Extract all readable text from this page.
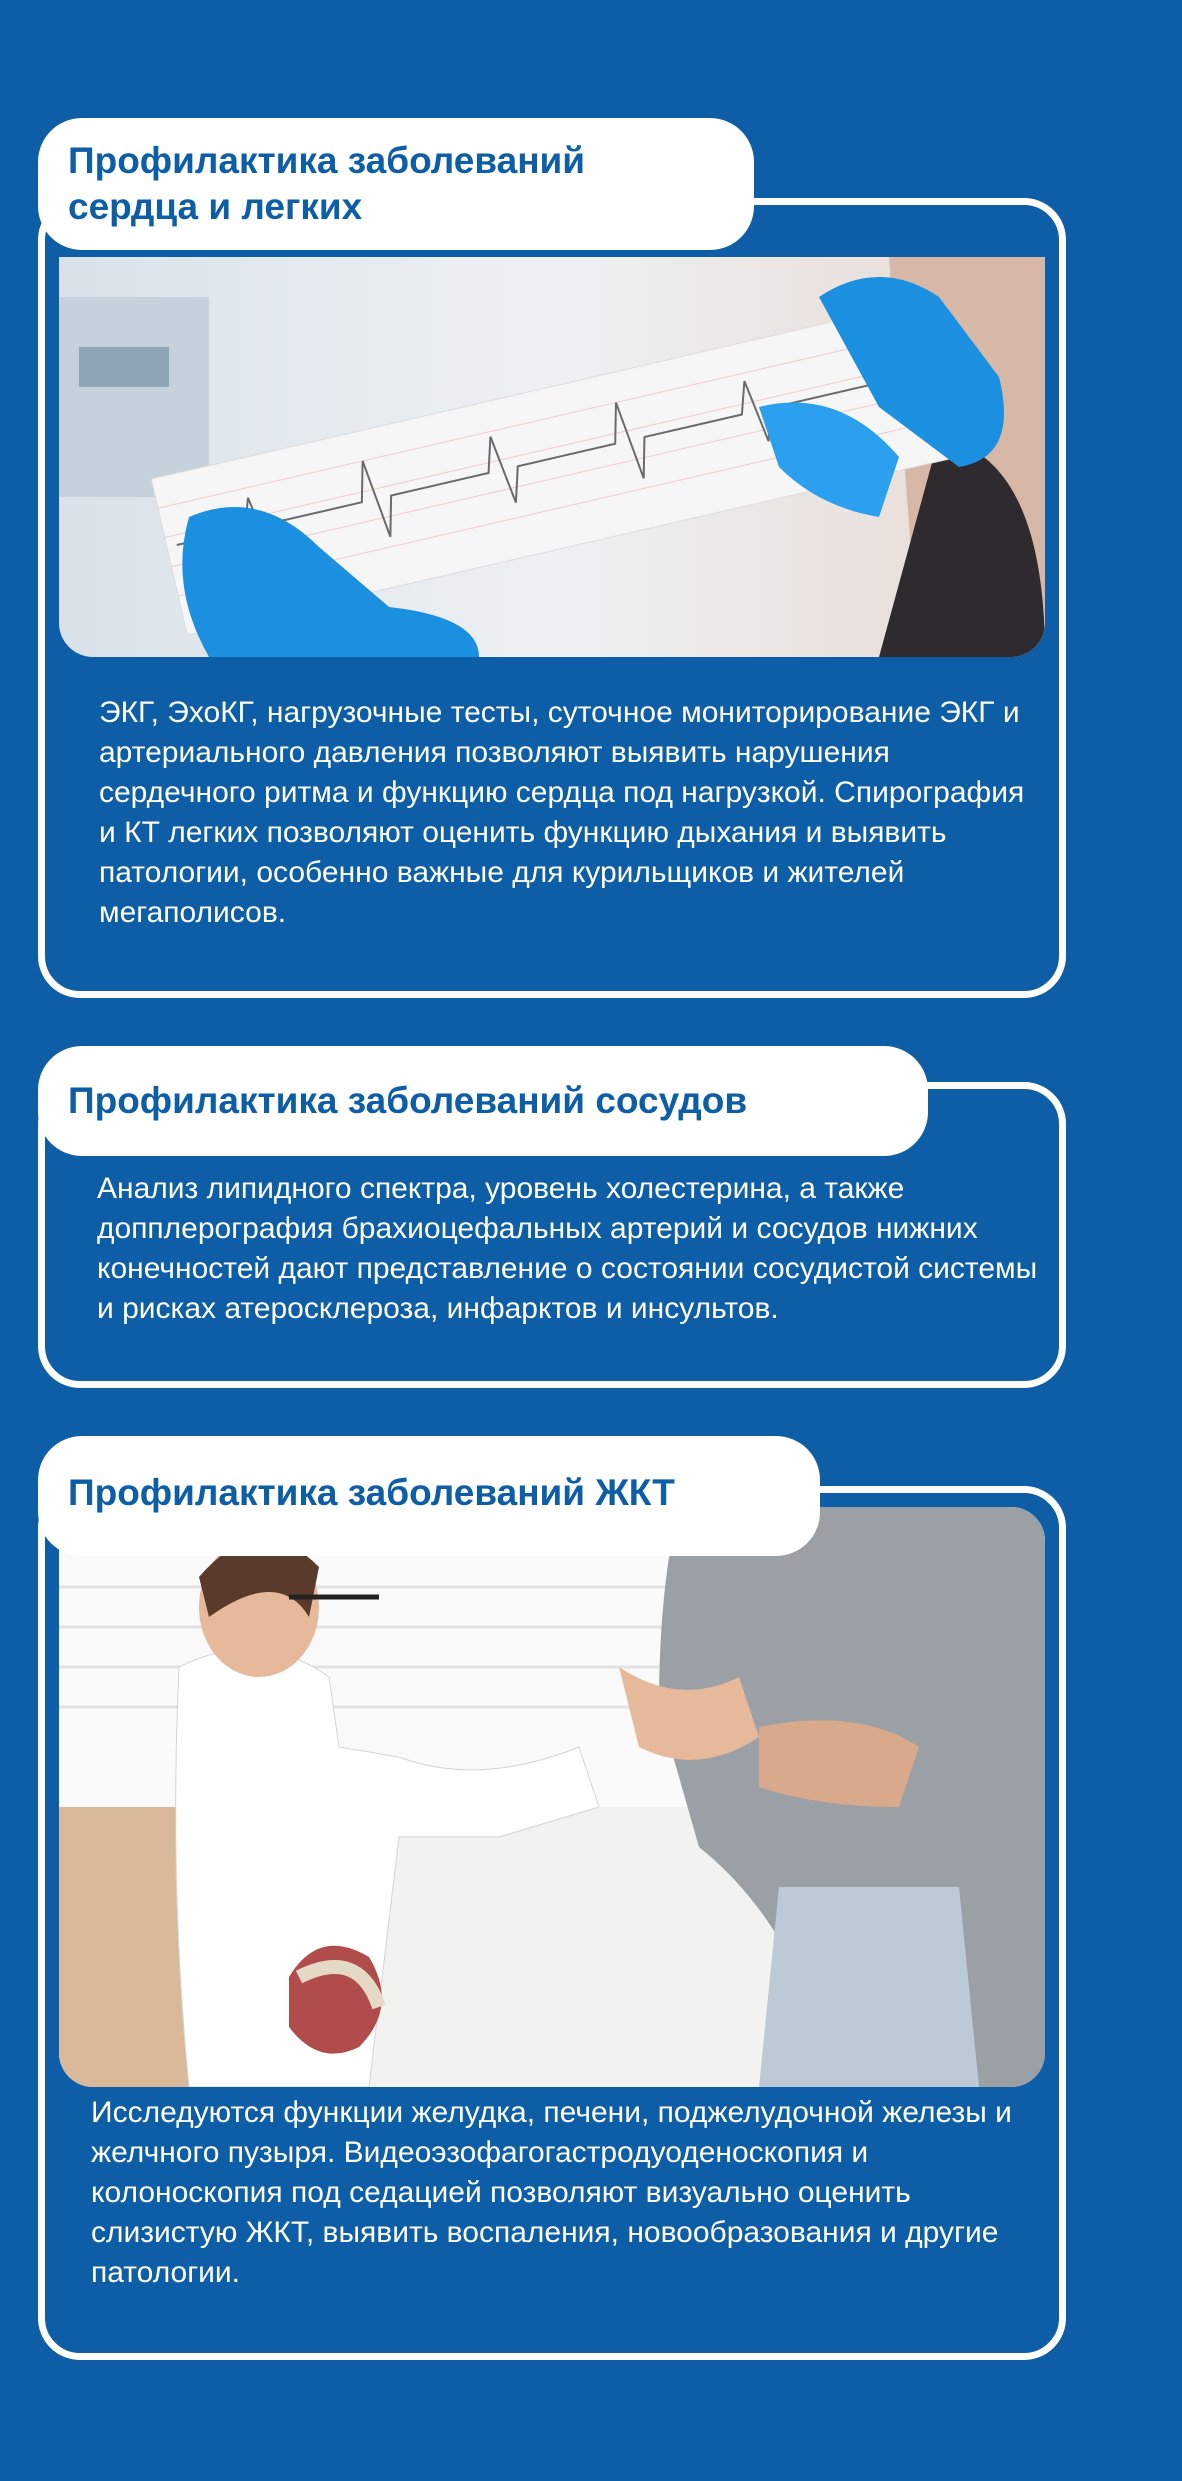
ЭКГ, ЭхоКГ, нагрузочные тесты, суточное мониторирование ЭКГ и артериального давления позволяют выявить нарушения сердечного ритма и функцию сердца под нагрузкой. Спирография и КТ легких позволяют оценить функцию дыхания и выявить патологии, особенно важные для курильщиков и жителей мегаполисов.

Профилактика заболеваний сердца и легких

Анализ липидного спектра, уровень холестерина, а также допплерография брахиоцефальных артерий и сосудов нижних конечностей дают представление о состоянии сосудистой системы и рисках атеросклероза, инфарктов и инсультов.

Профилактика заболеваний сосудов

Исследуются функции желудка, печени, поджелудочной железы и желчного пузыря. Видеоэзофагогастродуоденоскопия и колоноскопия под седацией позволяют визуально оценить слизистую ЖКТ, выявить воспаления, новообразования и другие патологии.

Профилактика заболеваний ЖКТ
